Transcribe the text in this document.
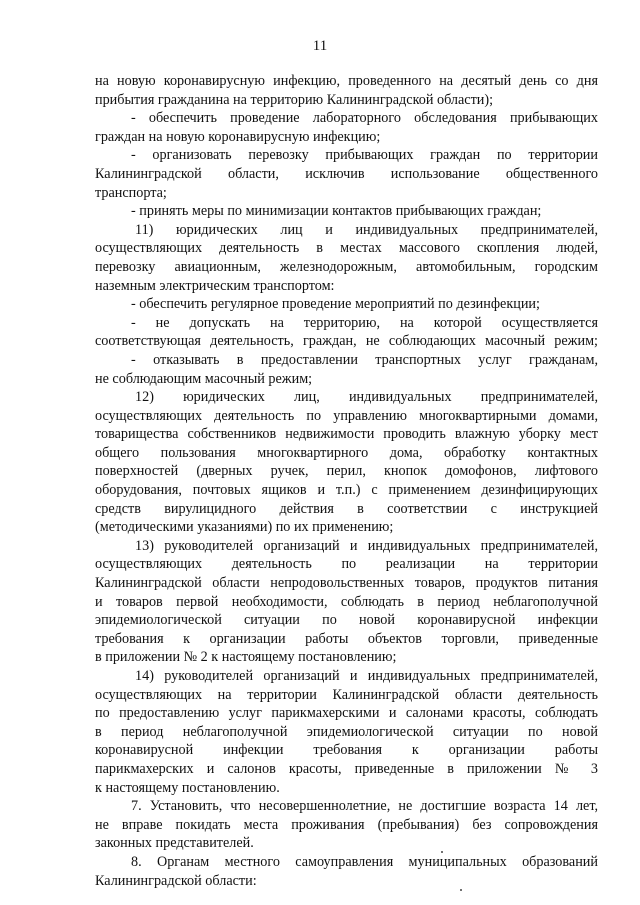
11
на новую коронавирусную инфекцию, проведенного на десятый день со дня
прибытия гражданина на территорию Калининградской области);
- обеспечить проведение лабораторного обследования прибывающих
граждан на новую коронавирусную инфекцию;
- организовать перевозку прибывающих граждан по территории
Калининградской области, исключив использование общественного
транспорта;
- принять меры по минимизации контактов прибывающих граждан;
11) юридических лиц и индивидуальных предпринимателей,
осуществляющих деятельность в местах массового скопления людей,
перевозку авиационным, железнодорожным, автомобильным, городским
наземным электрическим транспортом:
- обеспечить регулярное проведение мероприятий по дезинфекции;
- не допускать на территорию, на которой осуществляется
соответствующая деятельность, граждан, не соблюдающих масочный режим;
- отказывать в предоставлении транспортных услуг гражданам,
не соблюдающим масочный режим;
12) юридических лиц, индивидуальных предпринимателей,
осуществляющих деятельность по управлению многоквартирными домами,
товарищества собственников недвижимости проводить влажную уборку мест
общего пользования многоквартирного дома, обработку контактных
поверхностей (дверных ручек, перил, кнопок домофонов, лифтового
оборудования, почтовых ящиков и т.п.) с применением дезинфицирующих
средств вирулицидного действия в соответствии с инструкцией
(методическими указаниями) по их применению;
13) руководителей организаций и индивидуальных предпринимателей,
осуществляющих деятельность по реализации на территории
Калининградской области непродовольственных товаров, продуктов питания
и товаров первой необходимости, соблюдать в период неблагополучной
эпидемиологической ситуации по новой коронавирусной инфекции
требования к организации работы объектов торговли, приведенные
в приложении № 2 к настоящему постановлению;
14) руководителей организаций и индивидуальных предпринимателей,
осуществляющих на территории Калининградской области деятельность
по предоставлению услуг парикмахерскими и салонами красоты, соблюдать
в период неблагополучной эпидемиологической ситуации по новой
коронавирусной инфекции требования к организации работы
парикмахерских и салонов красоты, приведенные в приложении № 3
к настоящему постановлению.
7. Установить, что несовершеннолетние, не достигшие возраста 14 лет,
не вправе покидать места проживания (пребывания) без сопровождения
законных представителей.
8. Органам местного самоуправления муниципальных образований
Калининградской области:
